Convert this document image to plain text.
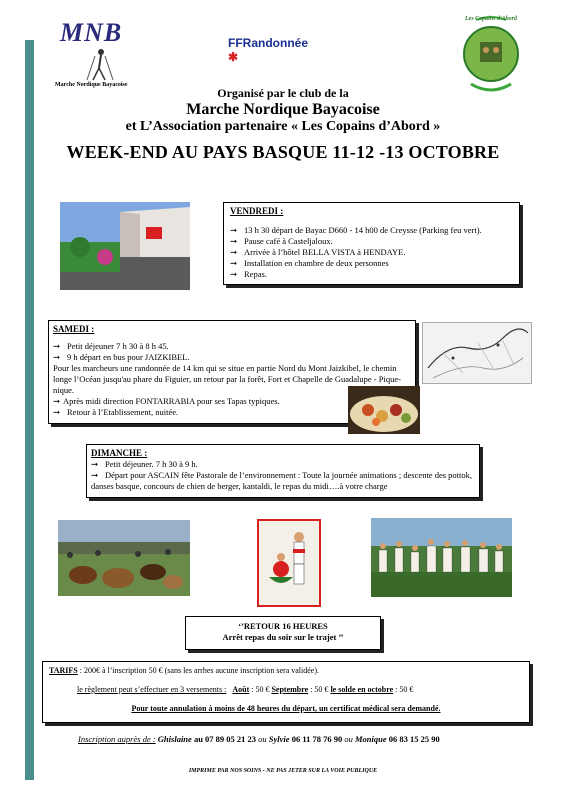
MNB
Marche Nordique Bayacoise
FFRandonnée ✱
Les Copains d'Abord
Organisé par le club de la
Marche Nordique Bayacoise
et L’Association partenaire « Les Copains d’Abord »
WEEK-END AU PAYS BASQUE 11-12 -13 OCTOBRE
VENDREDI :
➞ 13 h 30 départ de Bayac D660 - 14 h00 de Creysse (Parking feu vert).
➞ Pause café à Casteljaloux.
➞ Arrivée à l’hôtel BELLA VISTA à HENDAYE.
➞ Installation en chambre de deux personnes
➞ Repas.
SAMEDI :
➞ Petit déjeuner 7 h 30 à 8 h 45.
➞ 9 h départ en bus pour JAIZKIBEL.
Pour les marcheurs une randonnée de 14 km qui se situe en partie Nord du Mont Jaizkibel, le chemin longe l’Océan jusqu'au phare du Figuier, un retour par la forêt, Fort et Chapelle de Guadalupe - Pique-nique.
➞ Après midi direction FONTARRABIA pour ses Tapas typiques.
➞ Retour à l’Etablissement, nuitée.
DIMANCHE :
➞ Petit déjeuner. 7 h 30 à 9 h.
➞ Départ pour ASCAIN fête Pastorale de l’environnement : Toute la journée animations ; descente des pottok, danses basque, concours de chien de berger, kantaldi, le repas du midi….à votre charge
‘’RETOUR 16 HEURES
Arrêt repas du soir sur le trajet ’’
TARIFS : 200€ à l’inscription 50 € (sans les arrhes aucune inscription sera validée).
le règlement peut s’effectuer en 3 versements : Août : 50 € Septembre : 50 € le solde en octobre : 50 €
Pour toute annulation à moins de 48 heures du départ, un certificat médical sera demandé.
Inscription auprès de : Ghislaine au 07 89 05 21 23 ou Sylvie 06 11 78 76 90 ou Monique 06 83 15 25 90
IMPRIME PAR NOS SOINS - NE PAS JETER SUR LA VOIE PUBLIQUE
